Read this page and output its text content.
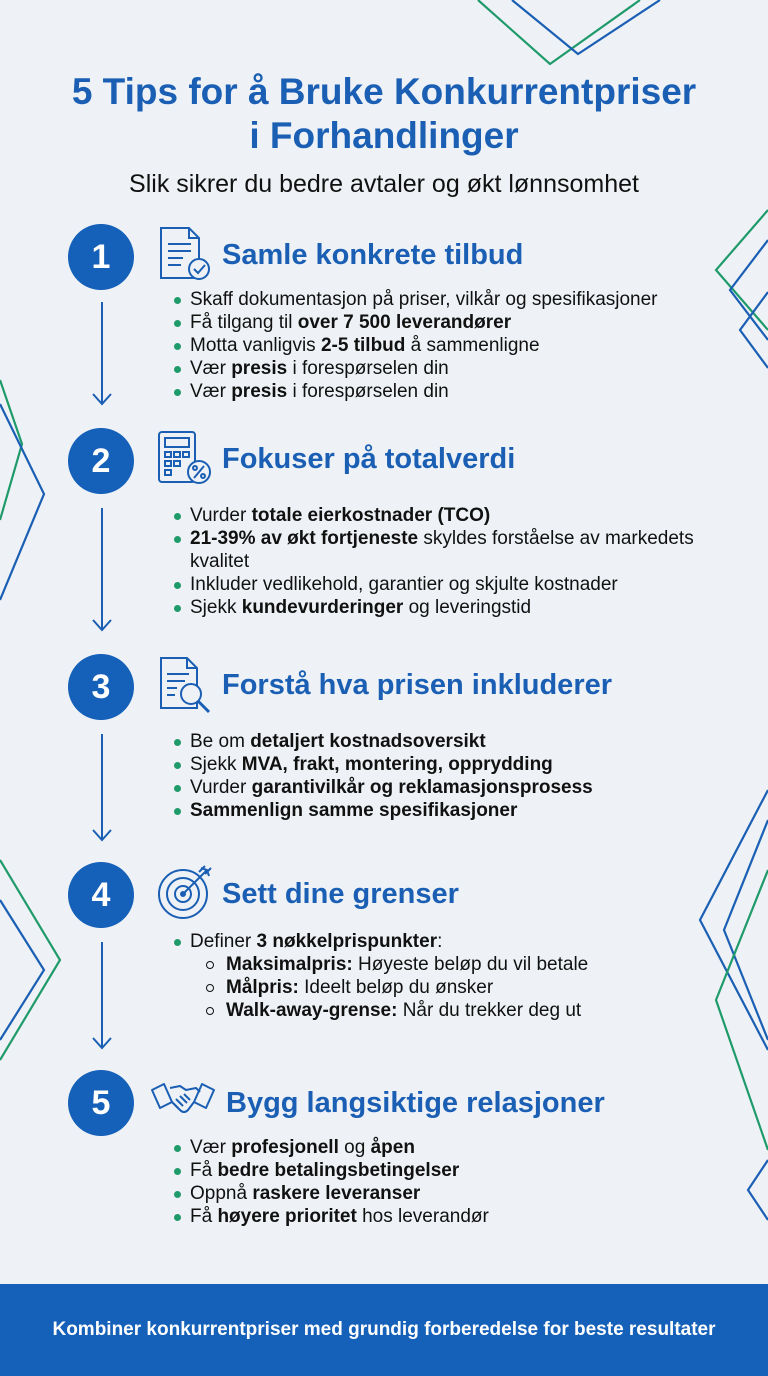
5 Tips for å Bruke Konkurrentpriser
i Forhandlinger
Slik sikrer du bedre avtaler og økt lønnsomhet
1	Samle konkrete tilbud
Skaff dokumentasjon på priser, vilkår og spesifikasjoner
Få tilgang til over 7 500 leverandører
Motta vanligvis 2-5 tilbud å sammenligne
Vær presis i forespørselen din
Vær presis i forespørselen din
2	Fokuser på totalverdi
Vurder totale eierkostnader (TCO)
21-39% av økt fortjeneste skyldes forståelse av markedets kvalitet
Inkluder vedlikehold, garantier og skjulte kostnader
Sjekk kundevurderinger og leveringstid
3	Forstå hva prisen inkluderer
Be om detaljert kostnadsoversikt
Sjekk MVA, frakt, montering, opprydding
Vurder garantivilkår og reklamasjonsprosess
Sammenlign samme spesifikasjoner
4	Sett dine grenser
Definer 3 nøkkelprispunkter:
Maksimalpris: Høyeste beløp du vil betale
Målpris: Ideelt beløp du ønsker
Walk-away-grense: Når du trekker deg ut
5	Bygg langsiktige relasjoner
Vær profesjonell og åpen
Få bedre betalingsbetingelser
Oppnå raskere leveranser
Få høyere prioritet hos leverandør
Kombiner konkurrentpriser med grundig forberedelse for beste resultater
